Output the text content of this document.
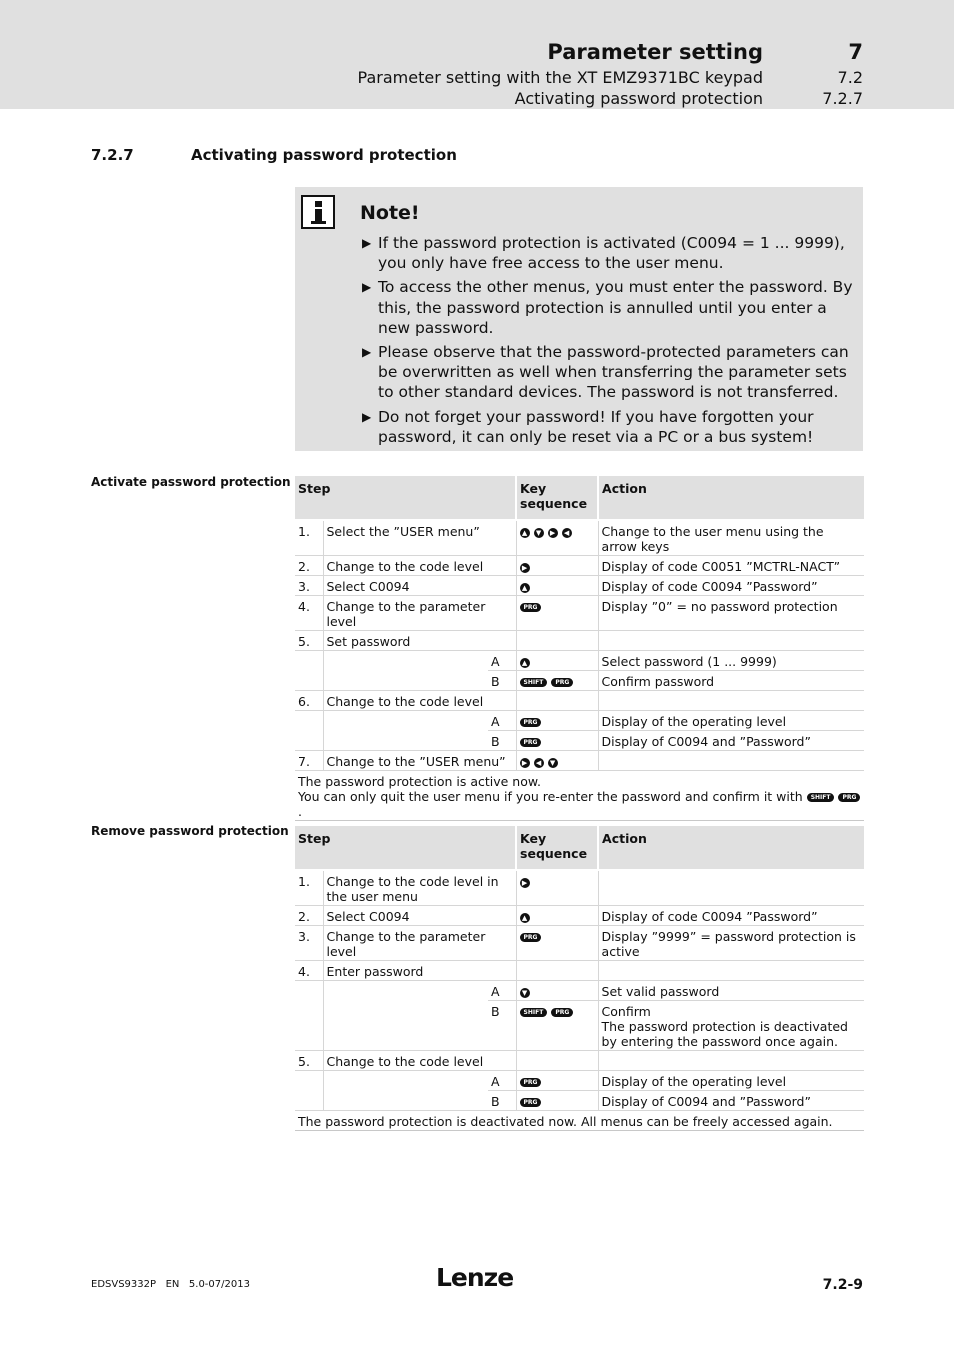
Parameter setting	7
Parameter setting with the XT EMZ9371BC keypad	7.2
Activating password protection	7.2.7
7.2.7	Activating password protection
Note!
▶ If the password protection is activated (C0094 = 1 ... 9999), you only have free access to the user menu.
▶ To access the other menus, you must enter the password. By this, the password protection is annulled until you enter a new password.
▶ Please observe that the password-protected parameters can be overwritten as well when transferring the parameter sets to other standard devices. The password is not transferred.
▶ Do not forget your password! If you have forgotten your password, it can only be reset via a PC or a bus system!
Activate password protection Step			Key
sequence	Action
1.	Select the ”USER menu”		▲ ▼ ▶ ◀	Change to the user menu using the arrow keys
2.	Change to the code level		▶	Display of code C0051 ”MCTRL-NACT”
3.	Select C0094		▲	Display of code C0094 ”Password”
4.	Change to the parameter level		PRG	Display ”0” = no password protection
5.	Set password			
		A	▲	Select password (1 ... 9999)
		B	SHIFT PRG	Confirm password
6.	Change to the code level			
		A	PRG	Display of the operating level
		B	PRG	Display of C0094 and ”Password”
7.	Change to the ”USER menu”		▶ ◀ ▼	
The password protection is active now.
You can only quit the user menu if you re-enter the password and confirm it with SHIFT PRG.				
Remove password protection Step			Key
sequence	Action
1.	Change to the code level in the user menu		▶	
2.	Select C0094		▲	Display of code C0094 ”Password”
3.	Change to the parameter level		PRG	Display ”9999” = password protection is active
4.	Enter password			
		A	▼	Set valid password
		B	SHIFT PRG	Confirm
The password protection is deactivated by entering the password once again.
5.	Change to the code level			
		A	PRG	Display of the operating level
		B	PRG	Display of C0094 and ”Password”
The password protection is deactivated now. All menus can be freely accessed again.				
EDSVS9332P   EN   5.0-07/2013	Lenze	7.2-9
